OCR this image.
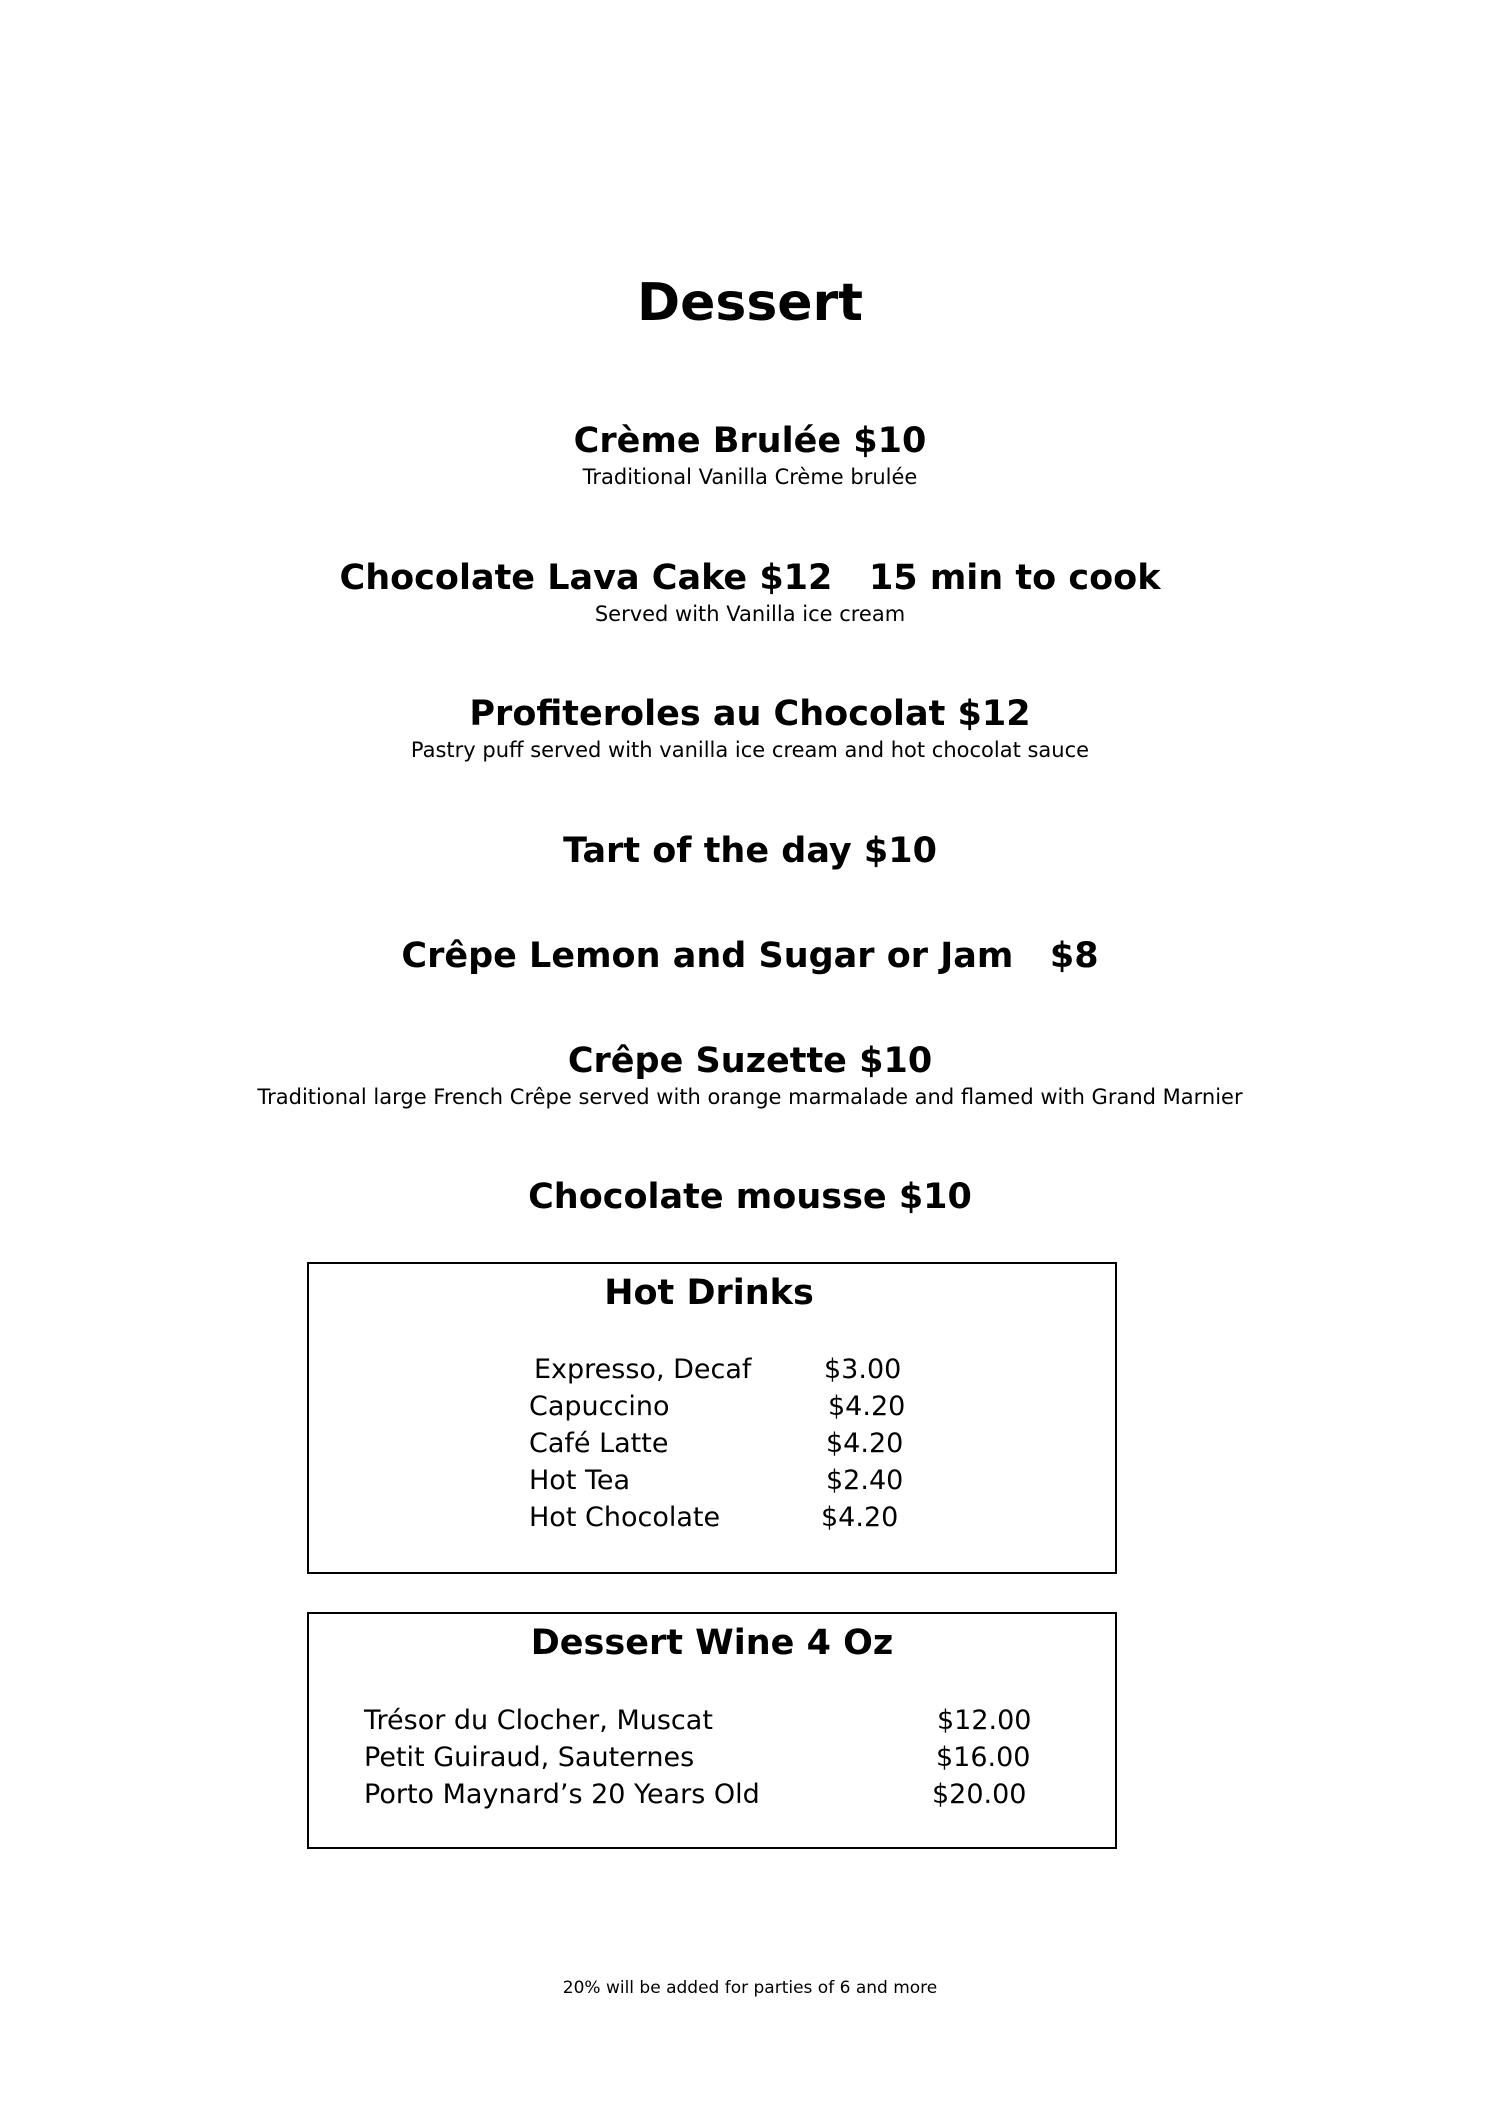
Dessert
Crème Brulée $10
Traditional Vanilla Crème brulée
Chocolate Lava Cake $12   15 min to cook
Served with Vanilla ice cream
Profiteroles au Chocolat $12
Pastry puff served with vanilla ice cream and hot chocolat sauce
Tart of the day $10
Crêpe Lemon and Sugar or Jam   $8
Crêpe Suzette $10
Traditional large French Crêpe served with orange marmalade and flamed with Grand Marnier
Chocolate mousse $10
Hot Drinks
Expresso, Decaf	$3.00
Capuccino	$4.20
Café Latte	$4.20
Hot Tea	$2.40
Hot Chocolate	$4.20
Dessert Wine 4 Oz
Trésor du Clocher, Muscat	$12.00
Petit Guiraud, Sauternes	$16.00
Porto Maynard’s 20 Years Old	$20.00
20% will be added for parties of 6 and more
